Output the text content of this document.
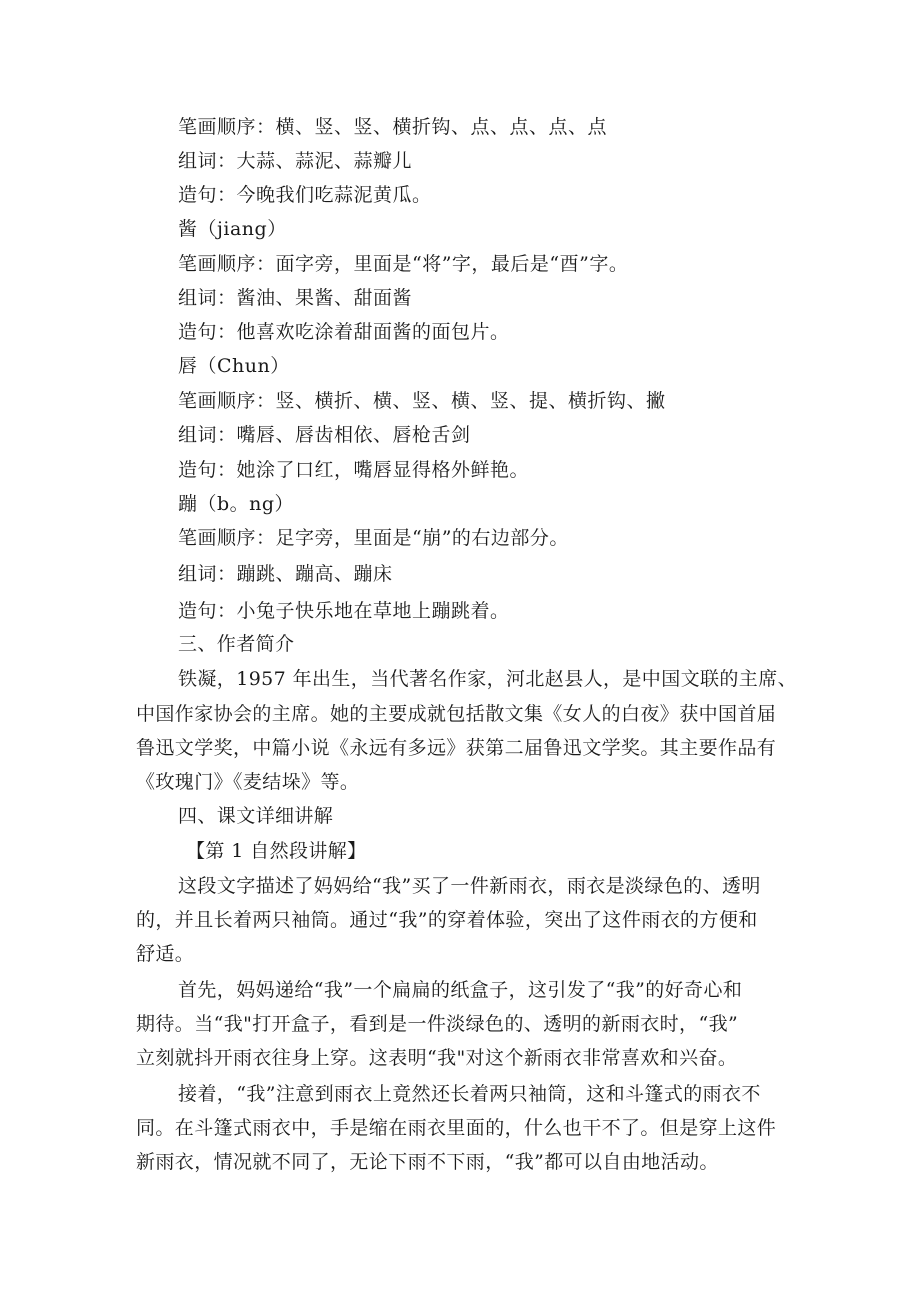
笔画顺序：横、竖、竖、横折钩、点、点、点、点
组词：大蒜、蒜泥、蒜瓣儿
造句：今晚我们吃蒜泥黄瓜。
酱（jiang）
笔画顺序：面字旁，里面是“将”字，最后是“酉”字。
组词：酱油、果酱、甜面酱
造句：他喜欢吃涂着甜面酱的面包片。
唇（Chun）
笔画顺序：竖、横折、横、竖、横、竖、提、横折钩、撇
组词：嘴唇、唇齿相依、唇枪舌剑
造句：她涂了口红，嘴唇显得格外鲜艳。
蹦（b。ng）
笔画顺序：足字旁，里面是“崩”的右边部分。
组词：蹦跳、蹦高、蹦床
造句：小兔子快乐地在草地上蹦跳着。
三、作者简介
铁凝，1957 年出生，当代著名作家，河北赵县人，是中国文联的主席、
中国作家协会的主席。她的主要成就包括散文集《女人的白夜》获中国首届
鲁迅文学奖，中篇小说《永远有多远》获第二届鲁迅文学奖。其主要作品有
《玫瑰门》《麦结垛》等。
四、课文详细讲解
【第 1 自然段讲解】
这段文字描述了妈妈给“我”买了一件新雨衣，雨衣是淡绿色的、透明
的，并且长着两只袖筒。通过“我”的穿着体验，突出了这件雨衣的方便和
舒适。
首先，妈妈递给“我”一个扁扁的纸盒子，这引发了“我”的好奇心和
期待。当“我"打开盒子，看到是一件淡绿色的、透明的新雨衣时，“我”
立刻就抖开雨衣往身上穿。这表明“我"对这个新雨衣非常喜欢和兴奋。
接着，“我”注意到雨衣上竟然还长着两只袖筒，这和斗篷式的雨衣不
同。在斗篷式雨衣中，手是缩在雨衣里面的，什么也干不了。但是穿上这件
新雨衣，情况就不同了，无论下雨不下雨，“我”都可以自由地活动。
